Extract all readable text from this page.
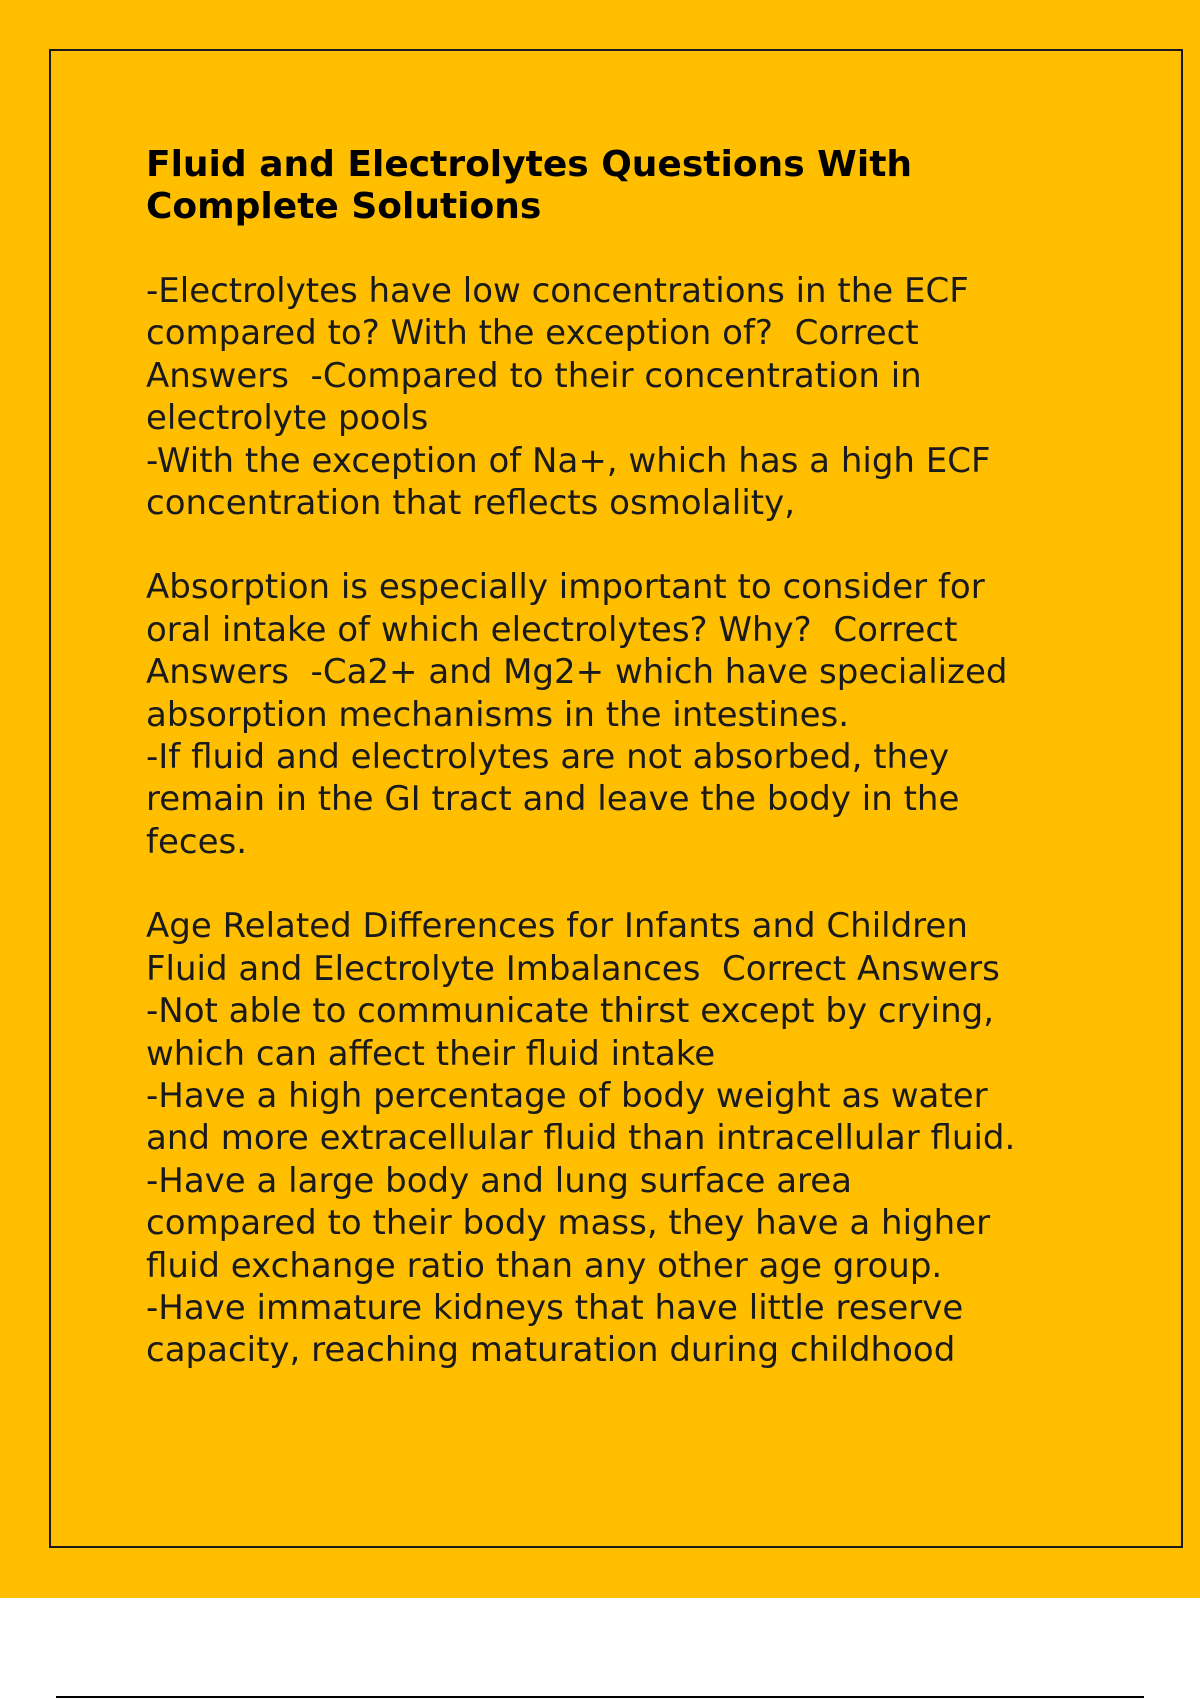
Fluid and Electrolytes Questions With Complete Solutions

-Electrolytes have low concentrations in the ECF

compared to? With the exception of?  Correct

Answers  -Compared to their concentration in

electrolyte pools

-With the exception of Na+, which has a high ECF

concentration that reflects osmolality,

Absorption is especially important to consider for

oral intake of which electrolytes? Why?  Correct

Answers  -Ca2+ and Mg2+ which have specialized

absorption mechanisms in the intestines.

-If fluid and electrolytes are not absorbed, they

remain in the GI tract and leave the body in the

feces.

Age Related Differences for Infants and Children

Fluid and Electrolyte Imbalances  Correct Answers

-Not able to communicate thirst except by crying,

which can affect their fluid intake

-Have a high percentage of body weight as water

and more extracellular fluid than intracellular fluid.

-Have a large body and lung surface area

compared to their body mass, they have a higher

fluid exchange ratio than any other age group.

-Have immature kidneys that have little reserve

capacity, reaching maturation during childhood
